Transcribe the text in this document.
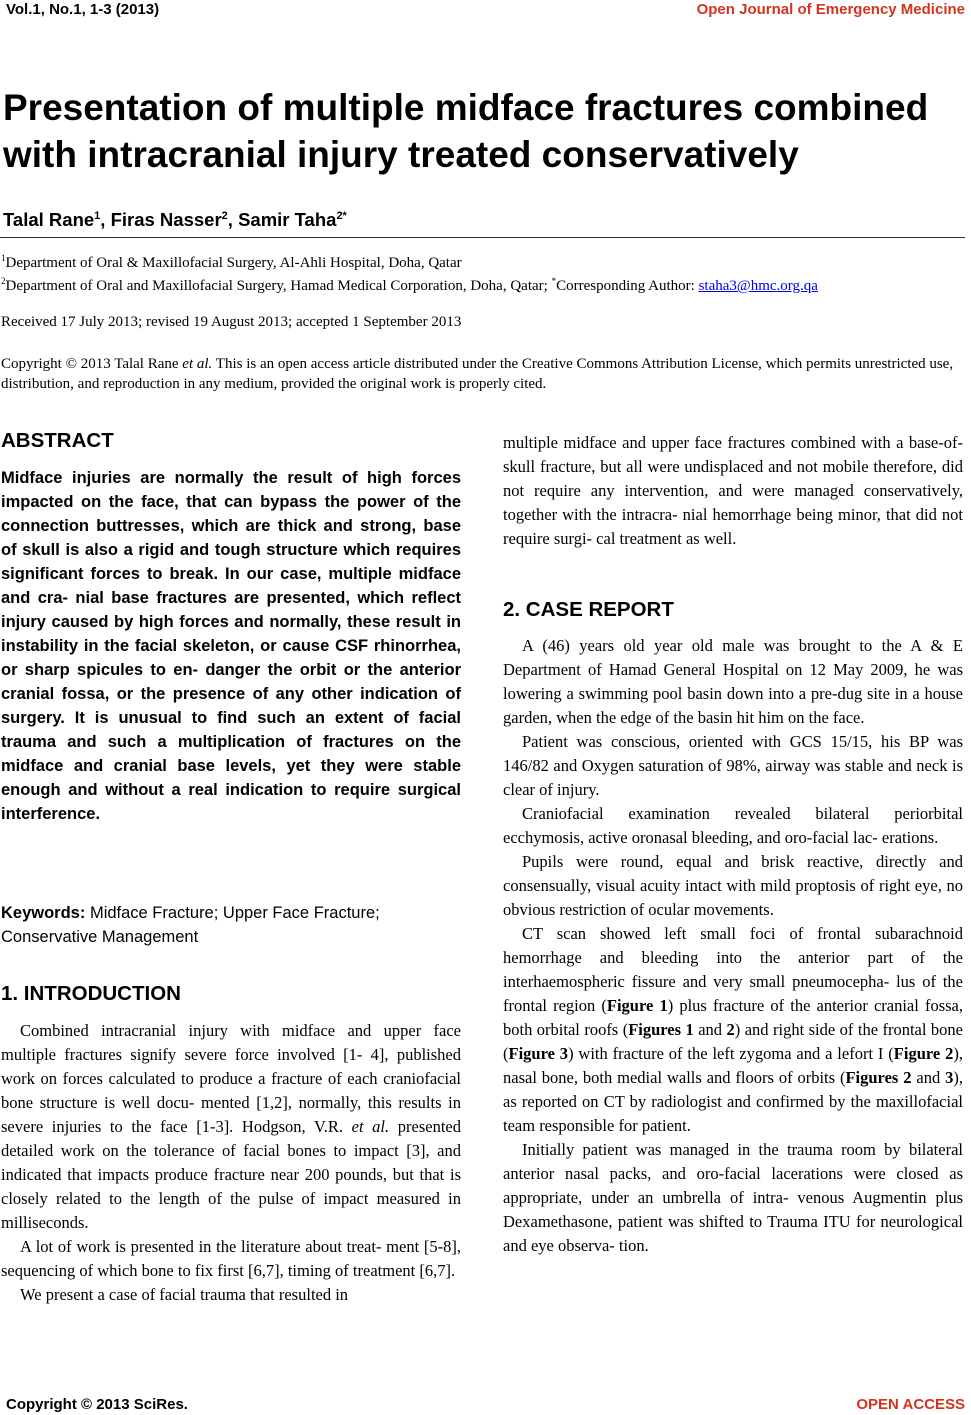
Vol.1, No.1, 1-3 (2013)	Open Journal of Emergency Medicine
Presentation of multiple midface fractures combined with intracranial injury treated conservatively
Talal Rane$^1$, Firas Nasser$^2$, Samir Taha$^{2*}$
$^1$Department of Oral & Maxillofacial Surgery, Al-Ahli Hospital, Doha, Qatar
$^2$Department of Oral and Maxillofacial Surgery, Hamad Medical Corporation, Doha, Qatar; *Corresponding Author: staha3@hmc.org.qa
Received 17 July 2013; revised 19 August 2013; accepted 1 September 2013
Copyright © 2013 Talal Rane et al. This is an open access article distributed under the Creative Commons Attribution License, which permits unrestricted use, distribution, and reproduction in any medium, provided the original work is properly cited.
ABSTRACT
Midface injuries are normally the result of high forces impacted on the face, that can bypass the power of the connection buttresses, which are thick and strong, base of skull is also a rigid and tough structure which requires significant forces to break. In our case, multiple midface and cra- nial base fractures are presented, which reflect injury caused by high forces and normally, these result in instability in the facial skeleton, or cause CSF rhinorrhea, or sharp spicules to en- danger the orbit or the anterior cranial fossa, or the presence of any other indication of surgery. It is unusual to find such an extent of facial trauma and such a multiplication of fractures on the midface and cranial base levels, yet they were stable enough and without a real indication to require surgical interference.
Keywords: Midface Fracture; Upper Face Fracture; Conservative Management
1. INTRODUCTION

Combined intracranial injury with midface and upper face multiple fractures signify severe force involved [1- 4], published work on forces calculated to produce a fracture of each craniofacial bone structure is well docu- mented [1,2], normally, this results in severe injuries to the face [1-3]. Hodgson, V.R. et al. presented detailed work on the tolerance of facial bones to impact [3], and indicated that impacts produce fracture near 200 pounds, but that is closely related to the length of the pulse of impact measured in milliseconds.

A lot of work is presented in the literature about treat- ment [5-8], sequencing of which bone to fix first [6,7], timing of treatment [6,7].

We present a case of facial trauma that resulted in

multiple midface and upper face fractures combined with a base-of-skull fracture, but all were undisplaced and not mobile therefore, did not require any intervention, and were managed conservatively, together with the intracra- nial hemorrhage being minor, that did not require surgi- cal treatment as well.

2. CASE REPORT

A (46) years old year old male was brought to the A & E Department of Hamad General Hospital on 12 May 2009, he was lowering a swimming pool basin down into a pre-dug site in a house garden, when the edge of the basin hit him on the face.

Patient was conscious, oriented with GCS 15/15, his BP was 146/82 and Oxygen saturation of 98%, airway was stable and neck is clear of injury.

Craniofacial examination revealed bilateral periorbital ecchymosis, active oronasal bleeding, and oro-facial lac- erations.

Pupils were round, equal and brisk reactive, directly and consensually, visual acuity intact with mild proptosis of right eye, no obvious restriction of ocular movements.

CT scan showed left small foci of frontal subarachnoid hemorrhage and bleeding into the anterior part of the interhaemospheric fissure and very small pneumocepha- lus of the frontal region (Figure 1) plus fracture of the anterior cranial fossa, both orbital roofs (Figures 1 and 2) and right side of the frontal bone (Figure 3) with fracture of the left zygoma and a lefort I (Figure 2), nasal bone, both medial walls and floors of orbits (Figures 2 and 3), as reported on CT by radiologist and confirmed by the maxillofacial team responsible for patient.

Initially patient was managed in the trauma room by bilateral anterior nasal packs, and oro-facial lacerations were closed as appropriate, under an umbrella of intra- venous Augmentin plus Dexamethasone, patient was shifted to Trauma ITU for neurological and eye observa- tion.

Copyright © 2013 SciRes.	OPEN ACCESS
